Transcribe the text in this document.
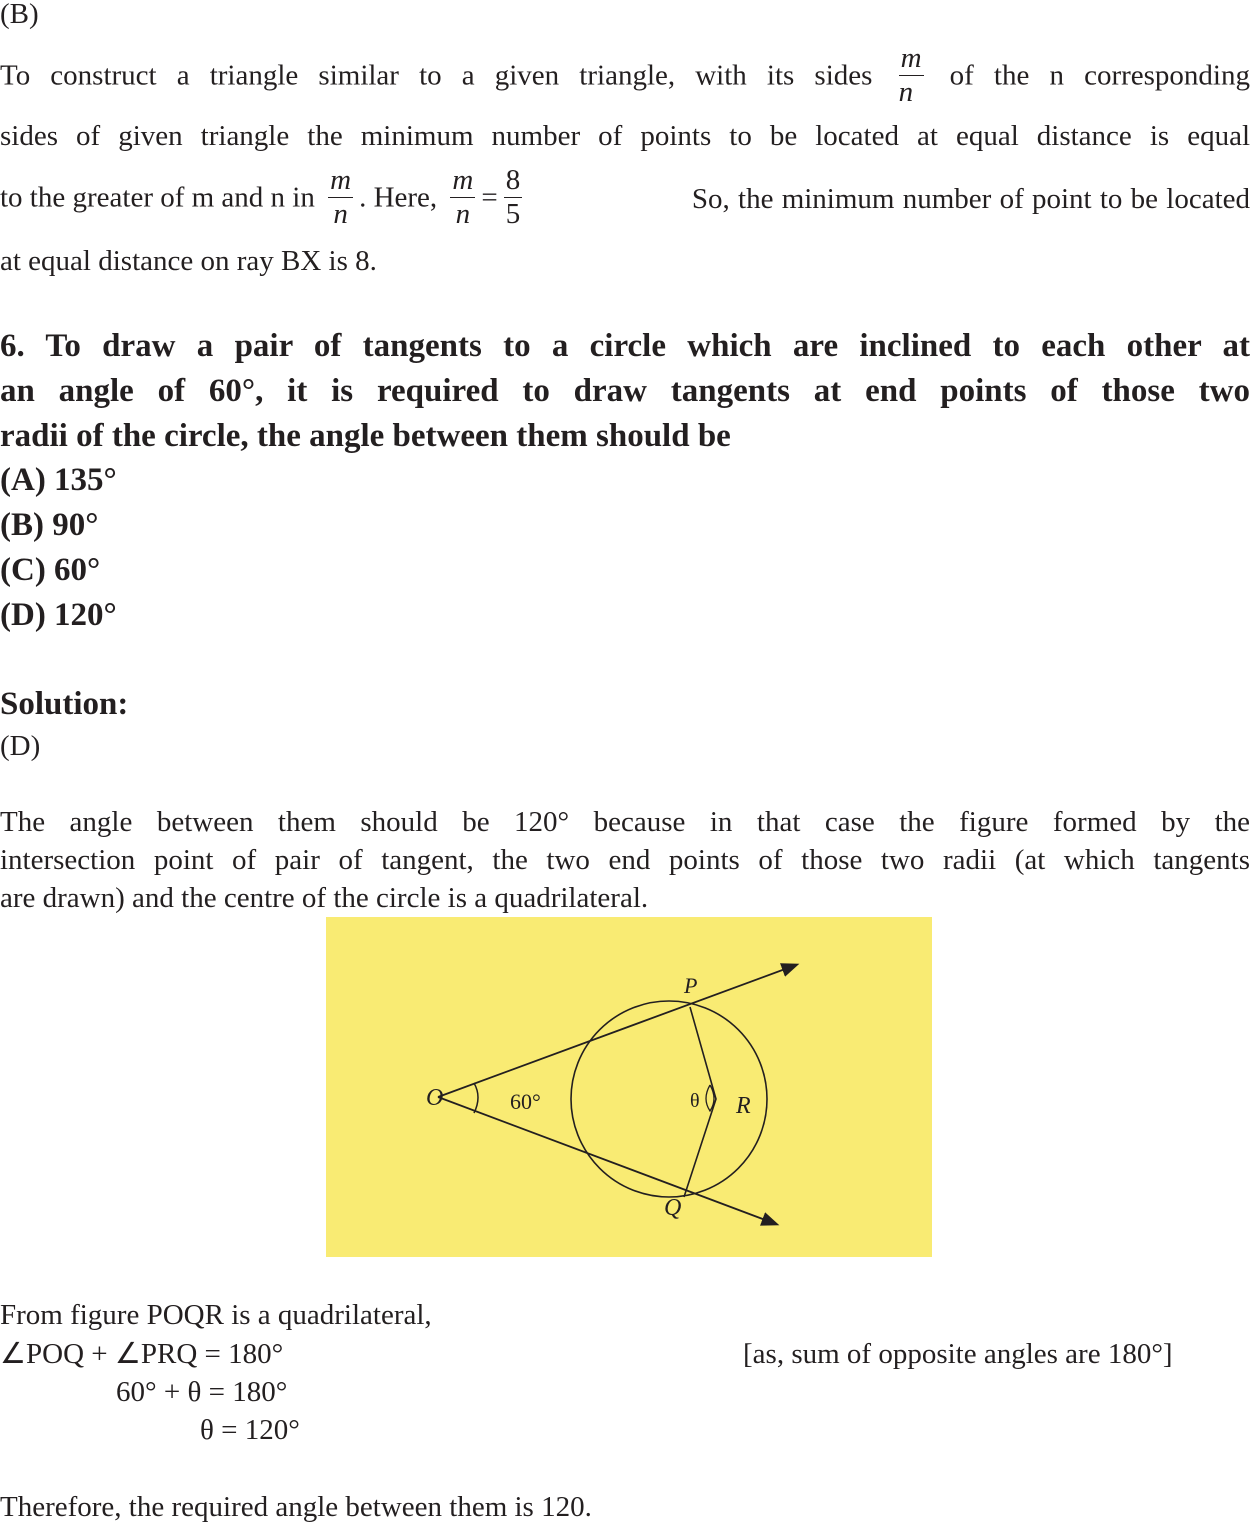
(B)
To construct a triangle similar to a given triangle, with its sides $\frac{m}{n}$ of the n corresponding
sides of given triangle the minimum number of points to be located at equal distance is equal
to the greater of m and n in $\frac{m}{n}$ . Here, $\frac{m}{n} = \frac{8}{5}$	So, the minimum number of point to be located
at equal distance on ray BX is 8.
6. To draw a pair of tangents to a circle which are inclined to each other at
an angle of 60°, it is required to draw tangents at end points of those two
radii of the circle, the angle between them should be
(A) 135°
(B) 90°
(C) 60°
(D) 120°
Solution:
(D)
The angle between them should be 120° because in that case the figure formed by the
intersection point of pair of tangent, the two end points of those two radii (at which tangents
are drawn) and the centre of the circle is a quadrilateral.
O	60°
P
Q
R
θ
From figure POQR is a quadrilateral,
∠POQ + ∠PRQ = 180°	[as, sum of opposite angles are 180°]
60° + θ = 180°
θ = 120°
Therefore, the required angle between them is 120.
